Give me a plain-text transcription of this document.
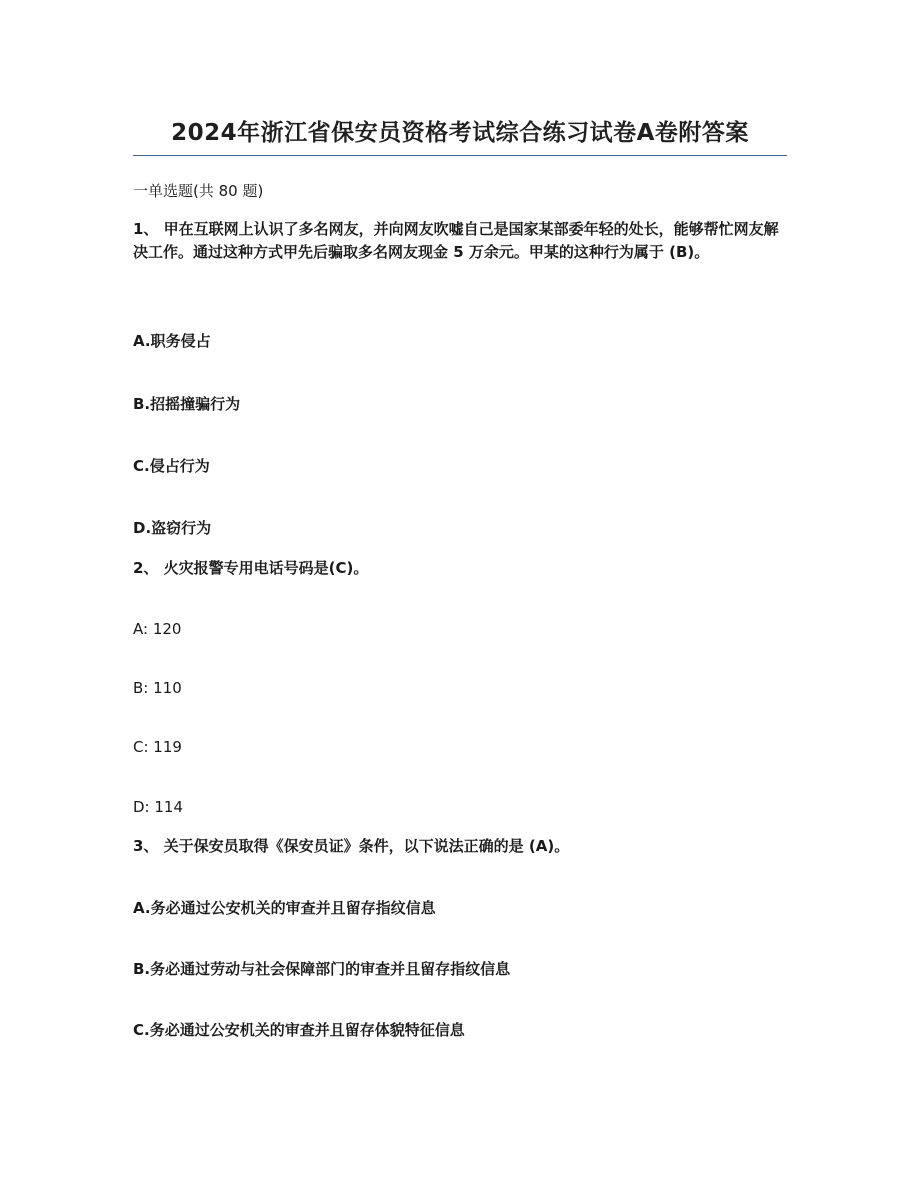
2024年浙江省保安员资格考试综合练习试卷A卷附答案
一单选题(共 80 题)
1、 甲在互联网上认识了多名网友，并向网友吹嘘自己是国家某部委年轻的处长，能够帮忙网友解决工作。通过这种方式甲先后骗取多名网友现金 5 万余元。甲某的这种行为属于 (B)。
A.职务侵占
B.招摇撞骗行为
C.侵占行为
D.盗窃行为
2、 火灾报警专用电话号码是(C)。
A: 120
B: 110
C: 119
D: 114
3、 关于保安员取得《保安员证》条件，以下说法正确的是 (A)。
A.务必通过公安机关的审查并且留存指纹信息
B.务必通过劳动与社会保障部门的审查并且留存指纹信息
C.务必通过公安机关的审查并且留存体貌特征信息
